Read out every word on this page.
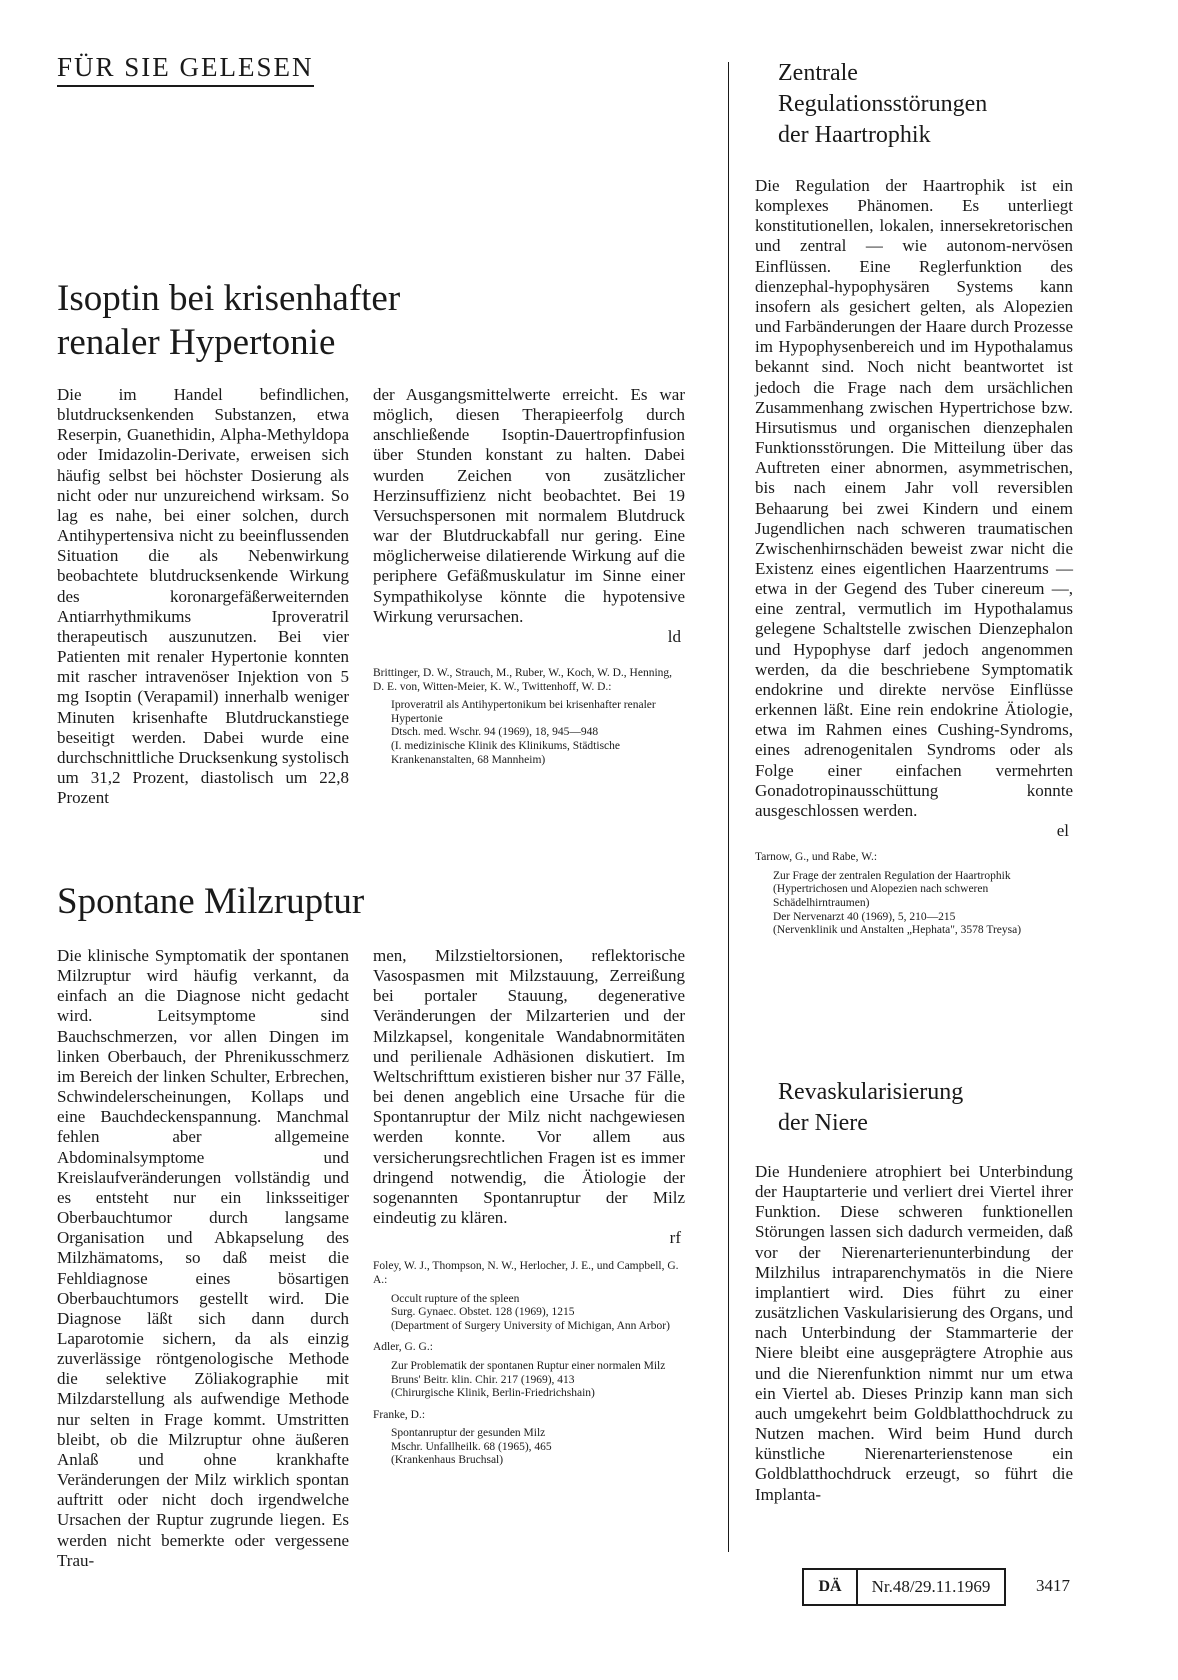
FÜR SIE GELESEN
Isoptin bei krisenhafter
renaler Hypertonie

Die im Handel befindlichen, blutdrucksenkenden Substanzen, etwa Reserpin, Guanethidin, Alpha-Methyldopa oder Imidazolin-Derivate, erweisen sich häufig selbst bei höchster Dosierung als nicht oder nur unzureichend wirksam. So lag es nahe, bei einer solchen, durch Antihypertensiva nicht zu beeinflussenden Situation die als Nebenwirkung beobachtete blutdrucksenkende Wirkung des koronargefäßerweiternden Antiarrhythmikums Iproveratril therapeutisch auszunutzen. Bei vier Patienten mit renaler Hypertonie konnten mit rascher intravenöser Injektion von 5 mg Isoptin (Verapamil) innerhalb weniger Minuten krisenhafte Blutdruckanstiege beseitigt werden. Dabei wurde eine durchschnittliche Drucksenkung systolisch um 31,2 Prozent, diastolisch um 22,8 Prozent

der Ausgangsmittelwerte erreicht. Es war möglich, diesen Therapieerfolg durch anschließende Isoptin-Dauertropfinfusion über Stunden konstant zu halten. Dabei wurden Zeichen von zusätzlicher Herzinsuffizienz nicht beobachtet. Bei 19 Versuchspersonen mit normalem Blutdruck war der Blutdruckabfall nur gering. Eine möglicherweise dilatierende Wirkung auf die periphere Gefäßmuskulatur im Sinne einer Sympathikolyse könnte die hypotensive Wirkung verursachen.

ld

Brittinger, D. W., Strauch, M., Ruber, W., Koch, W. D., Henning, D. E. von, Witten-Meier, K. W., Twittenhoff, W. D.:

Iproveratril als Antihypertonikum bei krisenhafter renaler Hypertonie

Dtsch. med. Wschr. 94 (1969), 18, 945—948

(I. medizinische Klinik des Klinikums, Städtische Krankenanstalten, 68 Mannheim)

Spontane Milzruptur

Die klinische Symptomatik der spontanen Milzruptur wird häufig verkannt, da einfach an die Diagnose nicht gedacht wird. Leitsymptome sind Bauchschmerzen, vor allen Dingen im linken Oberbauch, der Phrenikusschmerz im Bereich der linken Schulter, Erbrechen, Schwindelerscheinungen, Kollaps und eine Bauchdeckenspannung. Manchmal fehlen aber allgemeine Abdominalsymptome und Kreislaufveränderungen vollständig und es entsteht nur ein linksseitiger Oberbauchtumor durch langsame Organisation und Abkapselung des Milzhämatoms, so daß meist die Fehldiagnose eines bösartigen Oberbauchtumors gestellt wird. Die Diagnose läßt sich dann durch Laparotomie sichern, da als einzig zuverlässige röntgenologische Methode die selektive Zöliakographie mit Milzdarstellung als aufwendige Methode nur selten in Frage kommt. Umstritten bleibt, ob die Milzruptur ohne äußeren Anlaß und ohne krankhafte Veränderungen der Milz wirklich spontan auftritt oder nicht doch irgendwelche Ursachen der Ruptur zugrunde liegen. Es werden nicht bemerkte oder vergessene Trau-

men, Milzstieltorsionen, reflektorische Vasospasmen mit Milzstauung, Zerreißung bei portaler Stauung, degenerative Veränderungen der Milzarterien und der Milzkapsel, kongenitale Wandabnormitäten und perilienale Adhäsionen diskutiert. Im Weltschrifttum existieren bisher nur 37 Fälle, bei denen angeblich eine Ursache für die Spontanruptur der Milz nicht nachgewiesen werden konnte. Vor allem aus versicherungsrechtlichen Fragen ist es immer dringend notwendig, die Ätiologie der sogenannten Spontanruptur der Milz eindeutig zu klären.

rf

Foley, W. J., Thompson, N. W., Herlocher, J. E., und Campbell, G. A.:

Occult rupture of the spleen

Surg. Gynaec. Obstet. 128 (1969), 1215

(Department of Surgery University of Michigan, Ann Arbor)

Adler, G. G.:

Zur Problematik der spontanen Ruptur einer normalen Milz

Bruns' Beitr. klin. Chir. 217 (1969), 413

(Chirurgische Klinik, Berlin-Friedrichshain)

Franke, D.:

Spontanruptur der gesunden Milz

Mschr. Unfallheilk. 68 (1965), 465

(Krankenhaus Bruchsal)

Zentrale
Regulationsstörungen
der Haartrophik

Die Regulation der Haartrophik ist ein komplexes Phänomen. Es unterliegt konstitutionellen, lokalen, innersekretorischen und zentral — wie autonom-nervösen Einflüssen. Eine Reglerfunktion des dienzephal-hypophysären Systems kann insofern als gesichert gelten, als Alopezien und Farbänderungen der Haare durch Prozesse im Hypophysenbereich und im Hypothalamus bekannt sind. Noch nicht beantwortet ist jedoch die Frage nach dem ursächlichen Zusammenhang zwischen Hypertrichose bzw. Hirsutismus und organischen dienzephalen Funktionsstörungen. Die Mitteilung über das Auftreten einer abnormen, asymmetrischen, bis nach einem Jahr voll reversiblen Behaarung bei zwei Kindern und einem Jugendlichen nach schweren traumatischen Zwischenhirnschäden beweist zwar nicht die Existenz eines eigentlichen Haarzentrums — etwa in der Gegend des Tuber cinereum —, eine zentral, vermutlich im Hypothalamus gelegene Schaltstelle zwischen Dienzephalon und Hypophyse darf jedoch angenommen werden, da die beschriebene Symptomatik endokrine und direkte nervöse Einflüsse erkennen läßt. Eine rein endokrine Ätiologie, etwa im Rahmen eines Cushing-Syndroms, eines adrenogenitalen Syndroms oder als Folge einer einfachen vermehrten Gonadotropinausschüttung konnte ausgeschlossen werden.

el

Tarnow, G., und Rabe, W.:

Zur Frage der zentralen Regulation der Haartrophik (Hypertrichosen und Alopezien nach schweren Schädelhirntraumen)

Der Nervenarzt 40 (1969), 5, 210—215

(Nervenklinik und Anstalten „Hephata", 3578 Treysa)

Revaskularisierung
der Niere

Die Hundeniere atrophiert bei Unterbindung der Hauptarterie und verliert drei Viertel ihrer Funktion. Diese schweren funktionellen Störungen lassen sich dadurch vermeiden, daß vor der Nierenarterienunterbindung der Milzhilus intraparenchymatös in die Niere implantiert wird. Dies führt zu einer zusätzlichen Vaskularisierung des Organs, und nach Unterbindung der Stammarterie der Niere bleibt eine ausgeprägtere Atrophie aus und die Nierenfunktion nimmt nur um etwa ein Viertel ab. Dieses Prinzip kann man sich auch umgekehrt beim Goldblatthochdruck zu Nutzen machen. Wird beim Hund durch künstliche Nierenarterienstenose ein Goldblatthochdruck erzeugt, so führt die Implanta-

DÄ	Nr.48/29.11.1969	3417
